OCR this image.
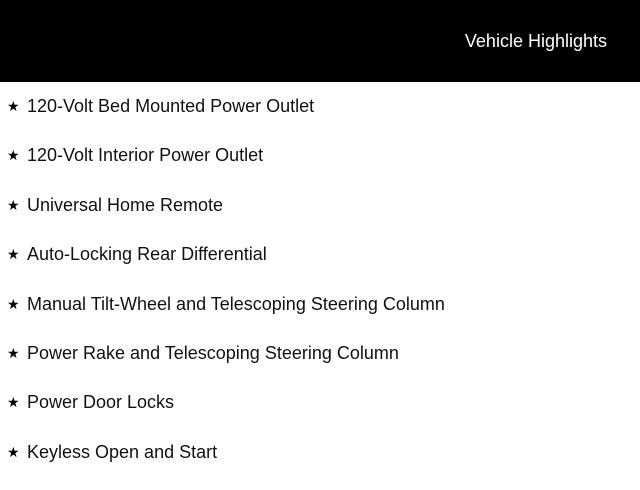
Vehicle Highlights
★ 120-Volt Bed Mounted Power Outlet
★ 120-Volt Interior Power Outlet
★ Universal Home Remote
★ Auto-Locking Rear Differential
★ Manual Tilt-Wheel and Telescoping Steering Column
★ Power Rake and Telescoping Steering Column
★ Power Door Locks
★ Keyless Open and Start
